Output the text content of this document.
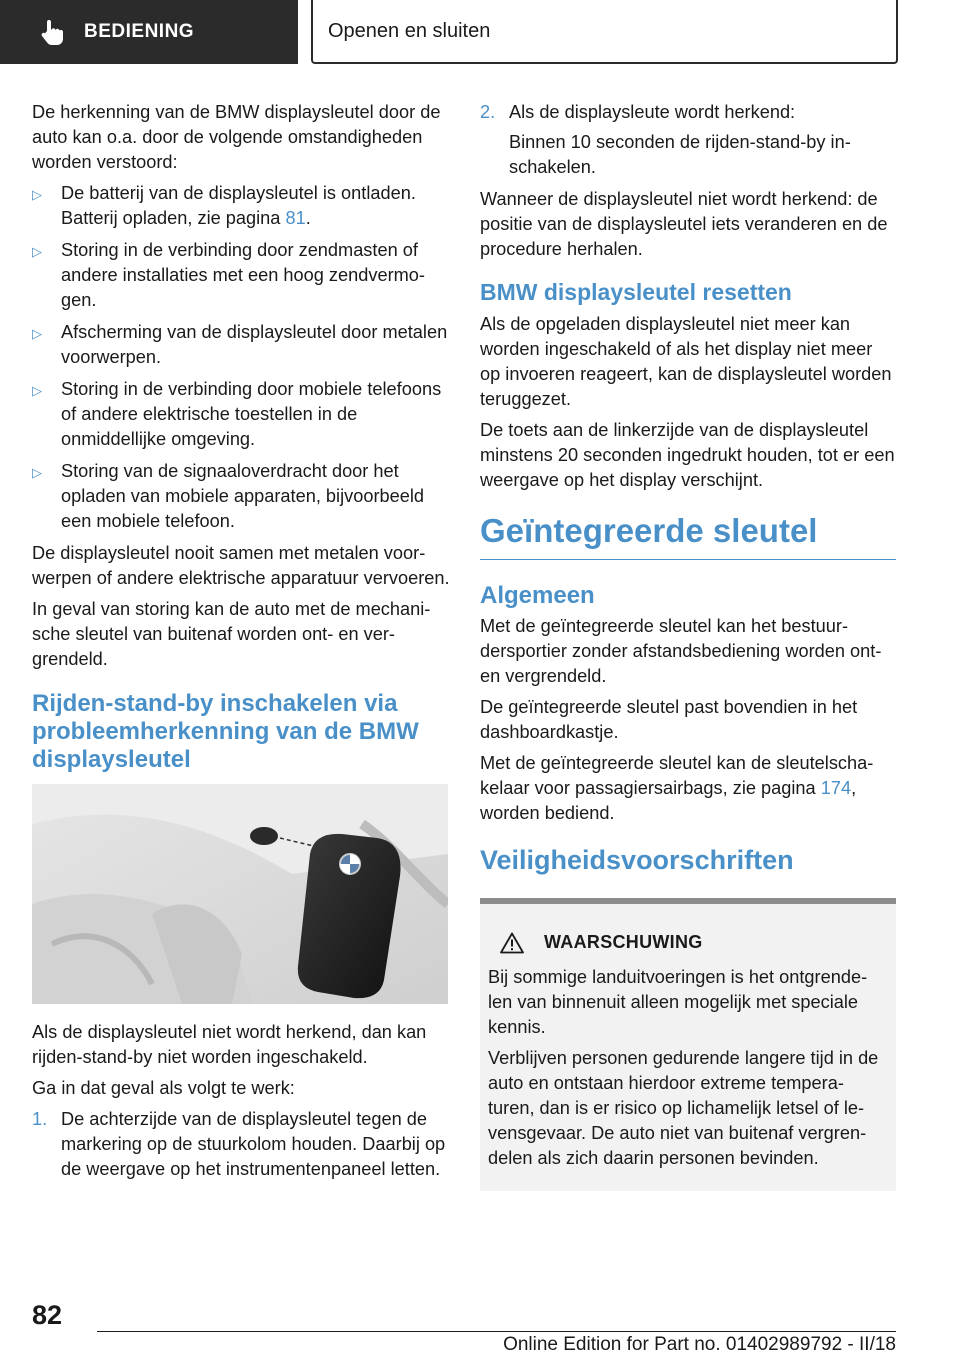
BEDIENING	Openen en sluiten

De herkenning van de BMW displaysleutel door de auto kan o.a. door de volgende omstandigheden worden verstoord:

▷ De batterij van de displaysleutel is ontladen. Batterij opladen, zie pagina 81.
▷ Storing in de verbinding door zendmasten of andere installaties met een hoog zendvermogen.
▷ Afscherming van de displaysleutel door metalen voorwerpen.
▷ Storing in de verbinding door mobiele telefoons of andere elektrische toestellen in de onmiddellijke omgeving.
▷ Storing van de signaaloverdracht door het opladen van mobiele apparaten, bijvoorbeeld een mobiele telefoon.

De displaysleutel nooit samen met metalen voorwerpen of andere elektrische apparatuur vervoeren.

In geval van storing kan de auto met de mechanische sleutel van buitenaf worden ont- en vergrendeld.

Rijden-stand-by inschakelen via probleemherkenning van de BMW displaysleutel

Als de displaysleutel niet wordt herkend, dan kan rijden-stand-by niet worden ingeschakeld.

Ga in dat geval als volgt te werk:

1. De achterzijde van de displaysleutel tegen de markering op de stuurkolom houden. Daarbij op de weergave op het instrumentenpaneel letten.
2. Als de displaysleute wordt herkend:
Binnen 10 seconden de rijden-stand-by inschakelen.

Wanneer de displaysleutel niet wordt herkend: de positie van de displaysleutel iets veranderen en de procedure herhalen.

BMW displaysleutel resetten

Als de opgeladen displaysleutel niet meer kan worden ingeschakeld of als het display niet meer op invoeren reageert, kan de displaysleutel worden teruggezet.

De toets aan de linkerzijde van de displaysleutel minstens 20 seconden ingedrukt houden, tot er een weergave op het display verschijnt.

Geïntegreerde sleutel
Algemeen

Met de geïntegreerde sleutel kan het bestuurdersportier zonder afstandsbediening worden ont- en vergrendeld.

De geïntegreerde sleutel past bovendien in het dashboardkastje.

Met de geïntegreerde sleutel kan de sleutelschakelaar voor passagiersairbags, zie pagina 174, worden bediend.

Veiligheidsvoorschriften
WAARSCHUWING

Bij sommige landuitvoeringen is het ontgrendelen van binnenuit alleen mogelijk met speciale kennis.

Verblijven personen gedurende langere tijd in de auto en ontstaan hierdoor extreme temperaturen, dan is er risico op lichamelijk letsel of levensgevaar. De auto niet van buitenaf vergrendelen als zich daarin personen bevinden.

82
Online Edition for Part no. 01402989792 - II/18
